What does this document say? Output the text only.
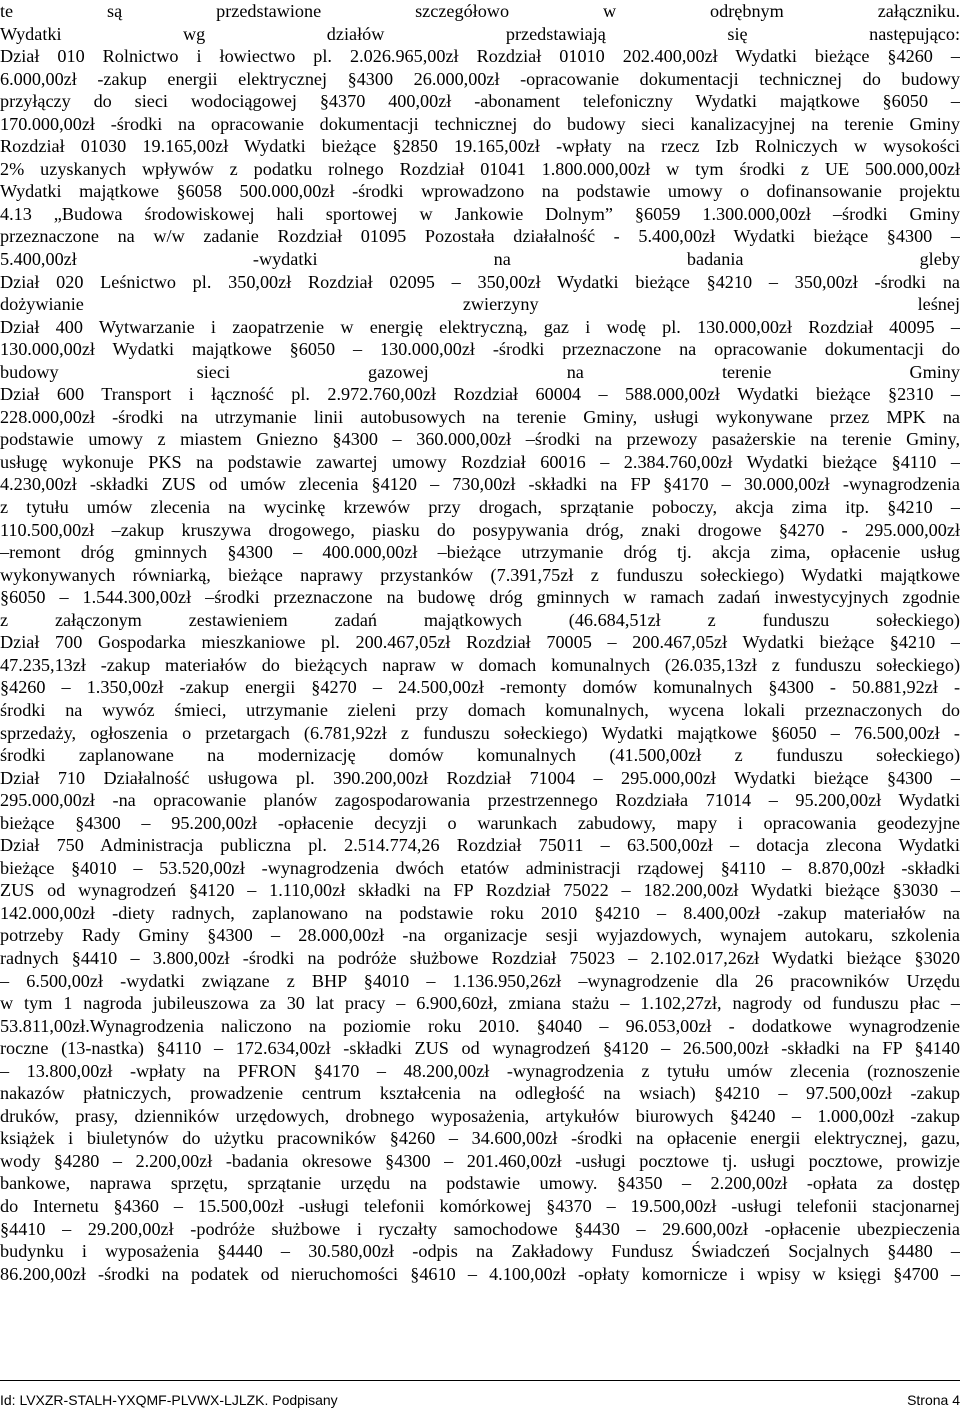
te są przedstawione szczegółowo w odrębnym załączniku.
Wydatki wg działów przedstawiają się następująco:
Dział 010 Rolnictwo i łowiectwo pl. 2.026.965,00zł Rozdział 01010 202.400,00zł Wydatki bieżące §4260 –
6.000,00zł -zakup energii elektrycznej §4300 26.000,00zł -opracowanie dokumentacji technicznej do budowy
przyłączy do sieci wodociągowej §4370 400,00zł -abonament telefoniczny Wydatki majątkowe §6050 –
170.000,00zł -środki na opracowanie dokumentacji technicznej do budowy sieci kanalizacyjnej na terenie Gminy
Rozdział 01030 19.165,00zł Wydatki bieżące §2850 19.165,00zł -wpłaty na rzecz Izb Rolniczych w wysokości
2% uzyskanych wpływów z podatku rolnego Rozdział 01041 1.800.000,00zł w tym środki z UE 500.000,00zł
Wydatki majątkowe §6058 500.000,00zł -środki wprowadzono na podstawie umowy o dofinansowanie projektu
4.13 „Budowa środowiskowej hali sportowej w Jankowie Dolnym” §6059 1.300.000,00zł –środki Gminy
przeznaczone na w/w zadanie Rozdział 01095 Pozostała działalność - 5.400,00zł Wydatki bieżące §4300 –
5.400,00zł -wydatki na badania gleby
Dział 020 Leśnictwo pl. 350,00zł Rozdział 02095 – 350,00zł Wydatki bieżące §4210 – 350,00zł -środki na
dożywianie zwierzyny leśnej
Dział 400 Wytwarzanie i zaopatrzenie w energię elektryczną, gaz i wodę pl. 130.000,00zł Rozdział 40095 –
130.000,00zł Wydatki majątkowe §6050 – 130.000,00zł -środki przeznaczone na opracowanie dokumentacji do
budowy sieci gazowej na terenie Gminy
Dział 600 Transport i łączność pl. 2.972.760,00zł Rozdział 60004 – 588.000,00zł Wydatki bieżące §2310 –
228.000,00zł -środki na utrzymanie linii autobusowych na terenie Gminy, usługi wykonywane przez MPK na
podstawie umowy z miastem Gniezno §4300 – 360.000,00zł –środki na przewozy pasażerskie na terenie Gminy,
usługę wykonuje PKS na podstawie zawartej umowy Rozdział 60016 – 2.384.760,00zł Wydatki bieżące §4110 –
4.230,00zł -składki ZUS od umów zlecenia §4120 – 730,00zł -składki na FP §4170 – 30.000,00zł -wynagrodzenia
z tytułu umów zlecenia na wycinkę krzewów przy drogach, sprzątanie poboczy, akcja zima itp. §4210 –
110.500,00zł –zakup kruszywa drogowego, piasku do posypywania dróg, znaki drogowe §4270 - 295.000,00zł
–remont dróg gminnych §4300 – 400.000,00zł –bieżące utrzymanie dróg tj. akcja zima, opłacenie usług
wykonywanych równiarką, bieżące naprawy przystanków (7.391,75zł z funduszu sołeckiego) Wydatki majątkowe
§6050 – 1.544.300,00zł –środki przeznaczone na budowę dróg gminnych w ramach zadań inwestycyjnych zgodnie
z załączonym zestawieniem zadań majątkowych (46.684,51zł z funduszu sołeckiego)
Dział 700 Gospodarka mieszkaniowe pl. 200.467,05zł Rozdział 70005 – 200.467,05zł Wydatki bieżące §4210 –
47.235,13zł -zakup materiałów do bieżących napraw w domach komunalnych (26.035,13zł z funduszu sołeckiego)
§4260 – 1.350,00zł -zakup energii §4270 – 24.500,00zł -remonty domów komunalnych §4300 - 50.881,92zł -
środki na wywóz śmieci, utrzymanie zieleni przy domach komunalnych, wycena lokali przeznaczonych do
sprzedaży, ogłoszenia o przetargach (6.781,92zł z funduszu sołeckiego) Wydatki majątkowe §6050 – 76.500,00zł -
środki zaplanowane na modernizację domów komunalnych (41.500,00zł z funduszu sołeckiego)
Dział 710 Działalność usługowa pl. 390.200,00zł Rozdział 71004 – 295.000,00zł Wydatki bieżące §4300 –
295.000,00zł -na opracowanie planów zagospodarowania przestrzennego Rozdziała 71014 – 95.200,00zł Wydatki
bieżące §4300 – 95.200,00zł -opłacenie decyzji o warunkach zabudowy, mapy i opracowania geodezyjne
Dział 750 Administracja publiczna pl. 2.514.774,26 Rozdział 75011 – 63.500,00zł – dotacja zlecona Wydatki
bieżące §4010 – 53.520,00zł -wynagrodzenia dwóch etatów administracji rządowej §4110 – 8.870,00zł -składki
ZUS od wynagrodzeń §4120 – 1.110,00zł składki na FP Rozdział 75022 – 182.200,00zł Wydatki bieżące §3030 –
142.000,00zł -diety radnych, zaplanowano na podstawie roku 2010 §4210 – 8.400,00zł -zakup materiałów na
potrzeby Rady Gminy §4300 – 28.000,00zł -na organizacje sesji wyjazdowych, wynajem autokaru, szkolenia
radnych §4410 – 3.800,00zł -środki na podróże służbowe Rozdział 75023 – 2.102.017,26zł Wydatki bieżące §3020
– 6.500,00zł -wydatki związane z BHP §4010 – 1.136.950,26zł –wynagrodzenie dla 26 pracowników Urzędu
w tym 1 nagroda jubileuszowa za 30 lat pracy – 6.900,60zł, zmiana stażu – 1.102,27zł, nagrody od funduszu płac –
53.811,00zł.Wynagrodzenia naliczono na poziomie roku 2010. §4040 – 96.053,00zł - dodatkowe wynagrodzenie
roczne (13-nastka) §4110 – 172.634,00zł -składki ZUS od wynagrodzeń §4120 – 26.500,00zł -składki na FP §4140
– 13.800,00zł -wpłaty na PFRON §4170 – 48.200,00zł -wynagrodzenia z tytułu umów zlecenia (roznoszenie
nakazów płatniczych, prowadzenie centrum kształcenia na odległość na wsiach) §4210 – 97.500,00zł -zakup
druków, prasy, dzienników urzędowych, drobnego wyposażenia, artykułów biurowych §4240 – 1.000,00zł -zakup
książek i biuletynów do użytku pracowników §4260 – 34.600,00zł -środki na opłacenie energii elektrycznej, gazu,
wody §4280 – 2.200,00zł -badania okresowe §4300 – 201.460,00zł -usługi pocztowe tj. usługi pocztowe, prowizje
bankowe, naprawa sprzętu, sprzątanie urzędu na podstawie umowy. §4350 – 2.200,00zł -opłata za dostęp
do Internetu §4360 – 15.500,00zł -usługi telefonii komórkowej §4370 – 19.500,00zł -usługi telefonii stacjonarnej
§4410 – 29.200,00zł -podróże służbowe i ryczałty samochodowe §4430 – 29.600,00zł -opłacenie ubezpieczenia
budynku i wyposażenia §4440 – 30.580,00zł -odpis na Zakładowy Fundusz Świadczeń Socjalnych §4480 –
86.200,00zł -środki na podatek od nieruchomości §4610 – 4.100,00zł -opłaty komornicze i wpisy w księgi §4700 –
Id: LVXZR-STALH-YXQMF-PLVWX-LJLZK. Podpisany	Strona 4
